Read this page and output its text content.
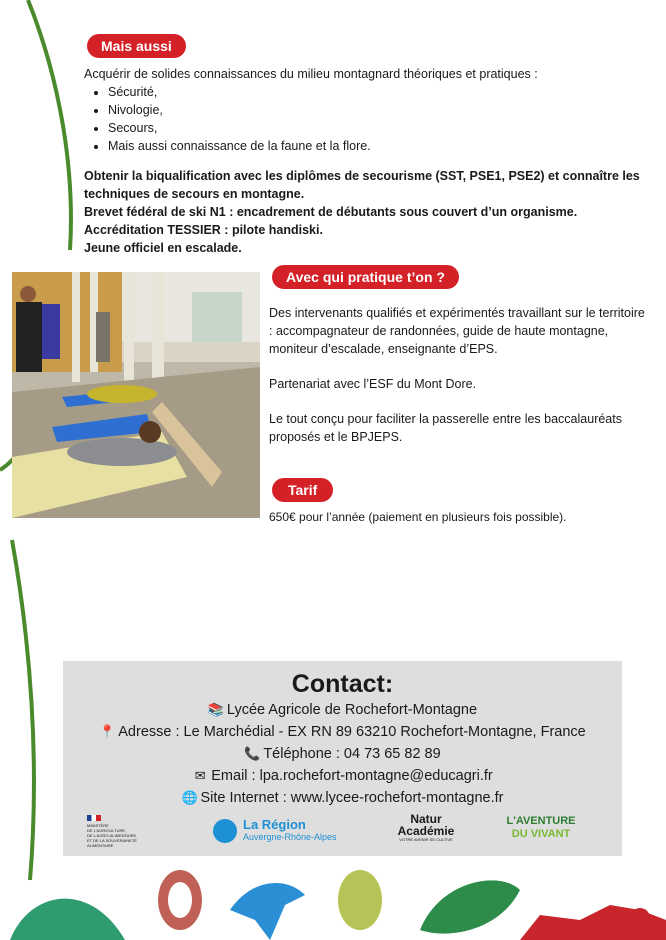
Mais aussi
Acquérir de solides connaissances du milieu montagnard théoriques et pratiques :
• Sécurité,
• Nivologie,
• Secours,
• Mais aussi connaissance de la faune et la flore.
Obtenir la biqualification avec les diplômes de secourisme (SST, PSE1, PSE2) et connaître les techniques de secours en montagne.
Brevet fédéral de ski N1 : encadrement de débutants sous couvert d’un organisme.
Accréditation TESSIER : pilote handiski.
Jeune officiel en escalade.
Avec qui pratique t’on ?
Des intervenants qualifiés et expérimentés travaillant sur le territoire : accompagnateur de randonnées, guide de haute montagne, moniteur d’escalade, enseignante d’EPS.
Partenariat avec l’ESF du Mont Dore.
Le tout conçu pour faciliter la passerelle entre les baccalauréats proposés et le BPJEPS.
Tarif
650€ pour l’année (paiement en plusieurs fois possible).
Contact:
📚 Lycée Agricole de Rochefort-Montagne
📍 Adresse : Le Marchédial - EX RN 89 63210 Rochefort-Montagne, France
📞 Téléphone : 04 73 65 82 89
✉ Email : lpa.rochefort-montagne@educagri.fr
🌐 Site Internet : www.lycee-rochefort-montagne.fr
MINISTÈRE
DE L'AGRICULTURE,
DE L'AGRO-ALIMENTAIRE
ET DE LA SOUVERAINETÉ
ALIMENTAIRE
La Région
Auvergne-Rhône-Alpes
Natur
Académie
VOTRE AVENIR SE CULTIVE
L'AVENTURE
DU VIVANT
